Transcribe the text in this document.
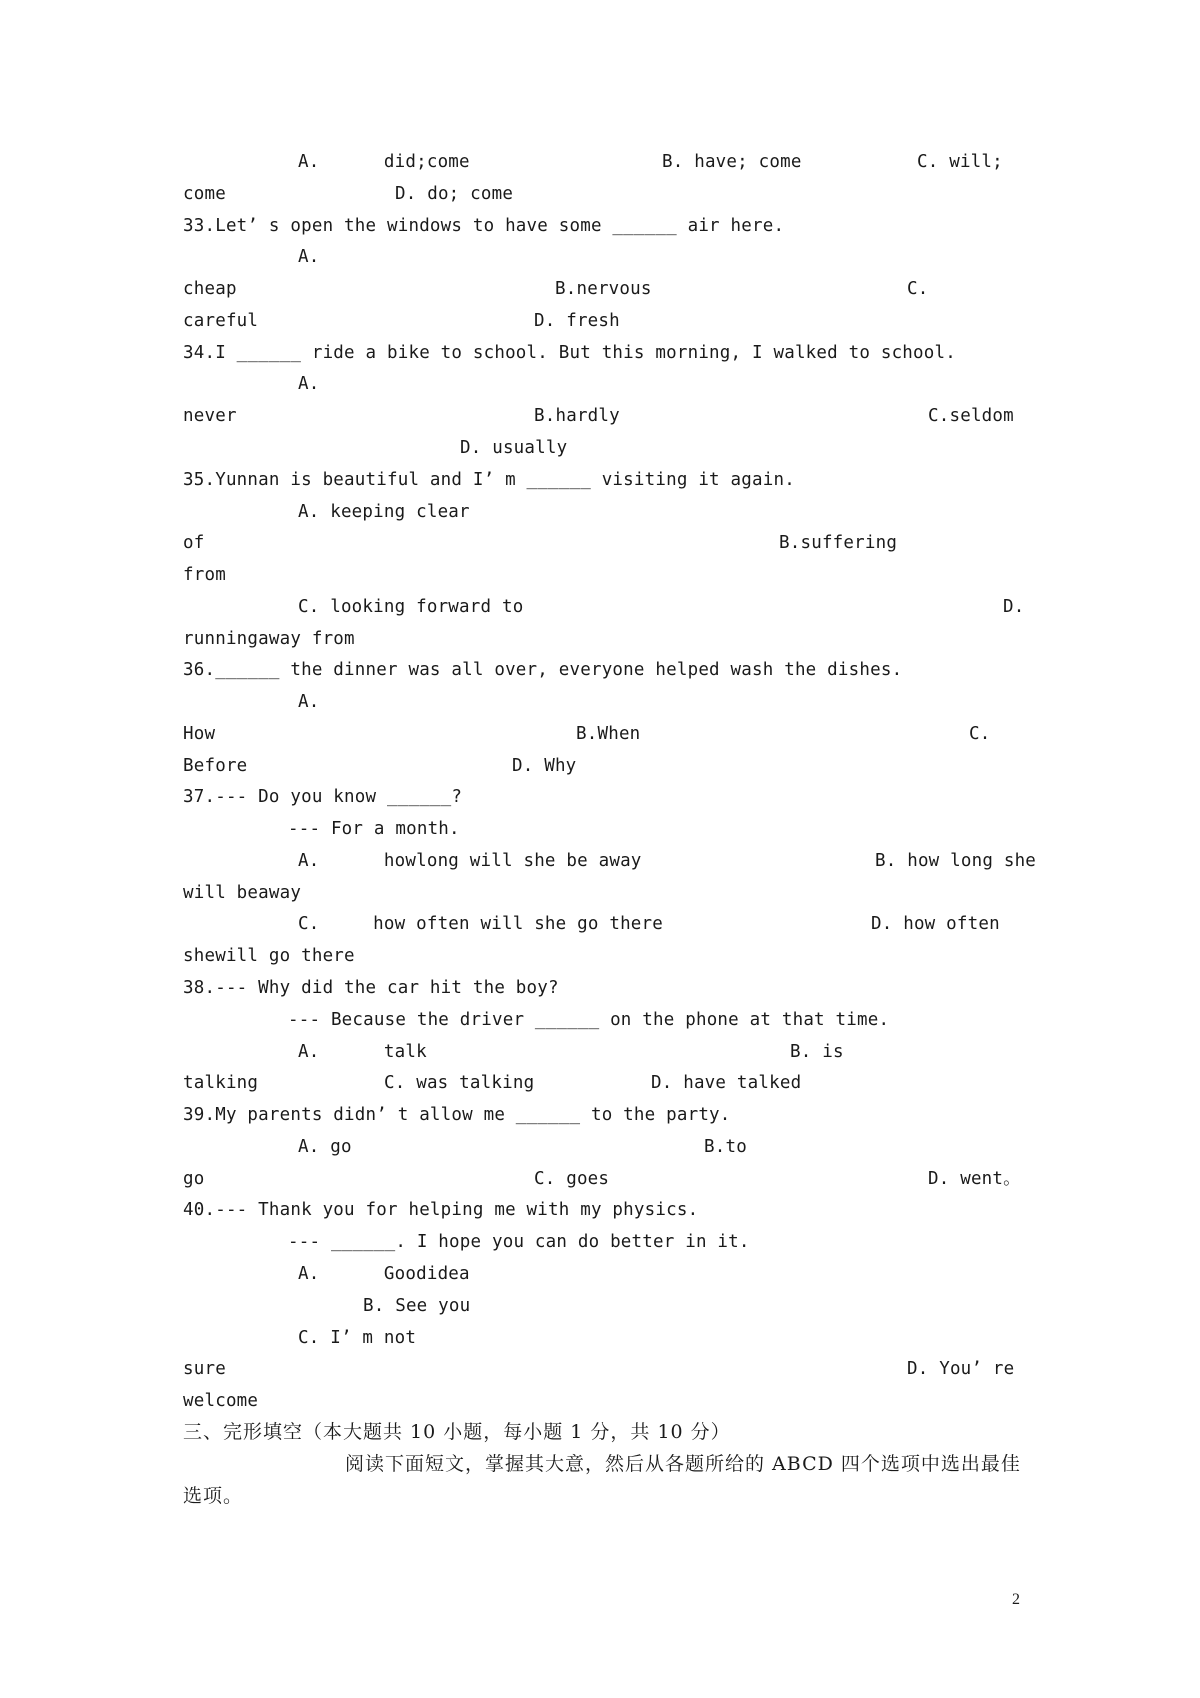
A.      did;come	B. have; come	C. will;
come	D. do; come
33.Let’ s open the windows to have some ______ air here.
A.
cheap	B.nervous	C.
careful	D. fresh
34.I ______ ride a bike to school. But this morning, I walked to school.
A.
never	B.hardly	C.seldom
D. usually
35.Yunnan is beautiful and I’ m ______ visiting it again.
A. keeping clear
of	B.suffering
from
C. looking forward to	D.
runningaway from
36.______ the dinner was all over, everyone helped wash the dishes.
A.
How	B.When	C.
Before	D. Why
37.--- Do you know ______?
--- For a month.
A.      howlong will she be away	B. how long she
will beaway
C.     how often will she go there	D. how often
shewill go there
38.--- Why did the car hit the boy?
--- Because the driver ______ on the phone at that time.
A.      talk	B. is
talking	C. was talking	D. have talked
39.My parents didn’ t allow me ______ to the party.
A. go	B.to
go	C. goes	D. went。
40.--- Thank you for helping me with my physics.
--- ______. I hope you can do better in it.
A.      Goodidea
B. See you
C. I’ m not
sure	D. You’ re
welcome
三、完形填空（本大题共 10 小题，每小题 1 分，共 10 分）
阅读下面短文，掌握其大意，然后从各题所给的 ABCD 四个选项中选出最佳
选项。
2
